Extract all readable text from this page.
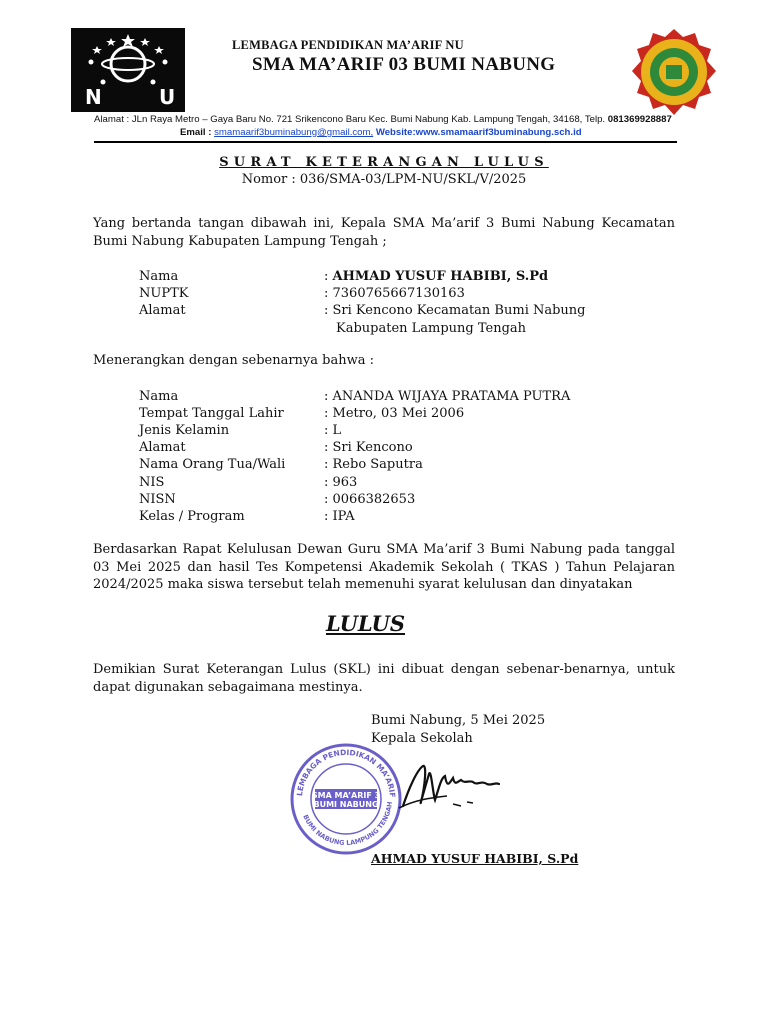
N	U
LEMBAGA PENDIDIKAN MA’ARIF NU
SMA MA’ARIF 03 BUMI NABUNG
Alamat : JLn Raya Metro – Gaya Baru No. 721 Srikencono Baru Kec. Bumi Nabung Kab. Lampung Tengah, 34168, Telp. 081369928887
Email : smamaarif3buminabung@gmail.com, Website:www.smamaarif3buminabung.sch.id
SURAT KETERANGAN LULUS
Nomor : 036/SMA-03/LPM-NU/SKL/V/2025
Yang bertanda tangan dibawah ini, Kepala SMA Ma’arif 3 Bumi Nabung Kecamatan Bumi Nabung Kabupaten Lampung Tengah ;
Nama	: AHMAD YUSUF HABIBI, S.Pd
NUPTK	: 7360765667130163
Alamat	: Sri Kencono Kecamatan Bumi Nabung
Kabupaten Lampung Tengah
Menerangkan dengan sebenarnya bahwa :
Nama	: ANANDA WIJAYA PRATAMA PUTRA
Tempat Tanggal Lahir	: Metro, 03 Mei 2006
Jenis Kelamin	: L
Alamat	: Sri Kencono
Nama Orang Tua/Wali	: Rebo Saputra
NIS	: 963
NISN	: 0066382653
Kelas / Program	: IPA
Berdasarkan Rapat Kelulusan Dewan Guru SMA Ma’arif 3 Bumi Nabung pada tanggal 03 Mei 2025 dan hasil Tes Kompetensi Akademik Sekolah ( TKAS ) Tahun Pelajaran 2024/2025 maka siswa tersebut telah memenuhi syarat kelulusan dan dinyatakan
LULUS
Demikian Surat Keterangan Lulus (SKL) ini dibuat dengan sebenar-benarnya, untuk dapat digunakan sebagaimana mestinya.
Bumi Nabung, 5 Mei 2025
Kepala Sekolah
LEMBAGA PENDIDIKAN MA’ARIF
BUMI NABUNG LAMPUNG TENGAH
SMA MA’ARIF 3
BUMI NABUNG
AHMAD YUSUF HABIBI, S.Pd
